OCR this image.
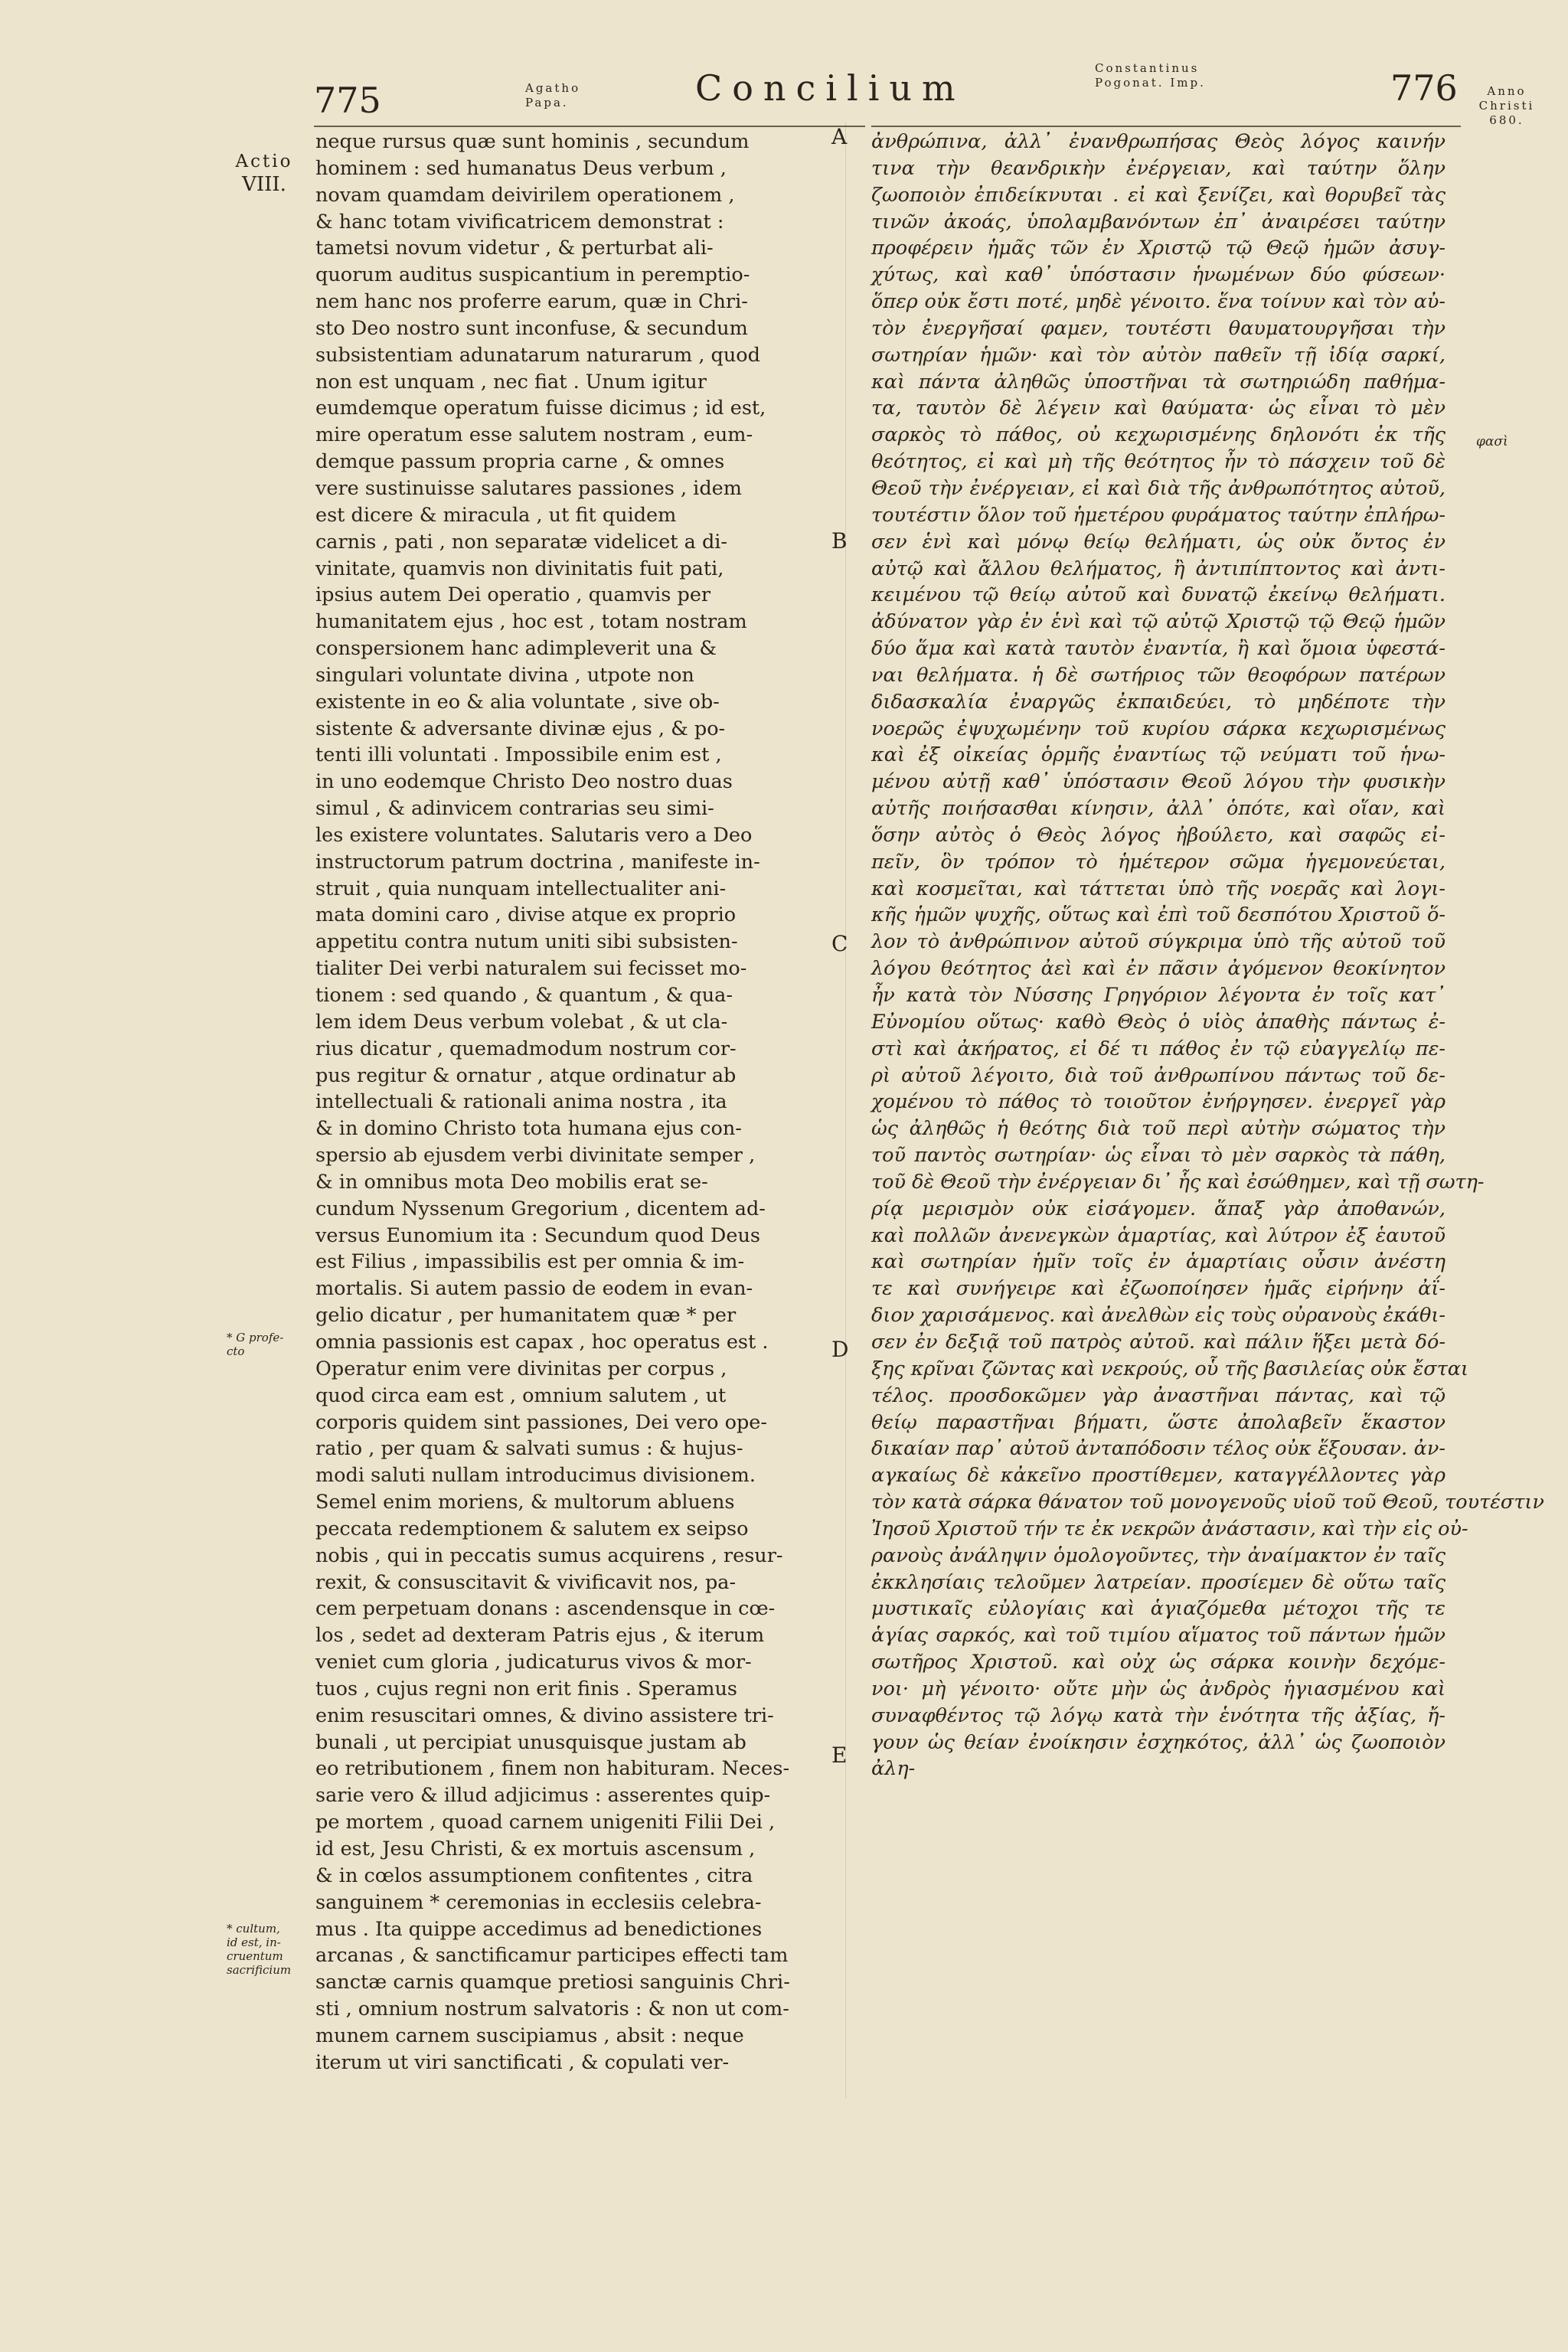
775	Agatho
Papa.	Concilium	Constantinus
Pogonat. Imp.	776	Anno
Christi
680.
φασὶ
Actio
VIII.
* G profe-
cto
* cultum,
id est, in-
cruentum
sacrificium
A
B
C
D
E
neque rursus quæ sunt hominis , secundum
hominem : sed humanatus Deus verbum ,
novam quamdam deivirilem operationem ,
& hanc totam vivificatricem demonstrat :
tametsi novum videtur , & perturbat ali-
quorum auditus suspicantium in peremptio-
nem hanc nos proferre earum, quæ in Chri-
sto Deo nostro sunt inconfuse, & secundum
subsistentiam adunatarum naturarum , quod
non est unquam , nec fiat . Unum igitur
eumdemque operatum fuisse dicimus ; id est,
mire operatum esse salutem nostram , eum-
demque passum propria carne , & omnes
vere sustinuisse salutares passiones , idem
est dicere & miracula , ut fit quidem
carnis , pati , non separatæ videlicet a di-
vinitate, quamvis non divinitatis fuit pati,
ipsius autem Dei operatio , quamvis per
humanitatem ejus , hoc est , totam nostram
conspersionem hanc adimpleverit una &
singulari voluntate divina , utpote non
existente in eo & alia voluntate , sive ob-
sistente & adversante divinæ ejus , & po-
tenti illi voluntati . Impossibile enim est ,
in uno eodemque Christo Deo nostro duas
simul , & adinvicem contrarias seu simi-
les existere voluntates. Salutaris vero a Deo
instructorum patrum doctrina , manifeste in-
struit , quia nunquam intellectualiter ani-
mata domini caro , divise atque ex proprio
appetitu contra nutum uniti sibi subsisten-
tialiter Dei verbi naturalem sui fecisset mo-
tionem : sed quando , & quantum , & qua-
lem idem Deus verbum volebat , & ut cla-
rius dicatur , quemadmodum nostrum cor-
pus regitur & ornatur , atque ordinatur ab
intellectuali & rationali anima nostra , ita
& in domino Christo tota humana ejus con-
spersio ab ejusdem verbi divinitate semper ,
& in omnibus mota Deo mobilis erat se-
cundum Nyssenum Gregorium , dicentem ad-
versus Eunomium ita : Secundum quod Deus
est Filius , impassibilis est per omnia & im-
mortalis. Si autem passio de eodem in evan-
gelio dicatur , per humanitatem quæ * per
omnia passionis est capax , hoc operatus est .
Operatur enim vere divinitas per corpus ,
quod circa eam est , omnium salutem , ut
corporis quidem sint passiones, Dei vero ope-
ratio , per quam & salvati sumus : & hujus-
modi saluti nullam introducimus divisionem.
Semel enim moriens, & multorum abluens
peccata redemptionem & salutem ex seipso
nobis , qui in peccatis sumus acquirens , resur-
rexit, & consuscitavit & vivificavit nos, pa-
cem perpetuam donans : ascendensque in cœ-
los , sedet ad dexteram Patris ejus , & iterum
veniet cum gloria , judicaturus vivos & mor-
tuos , cujus regni non erit finis . Speramus
enim resuscitari omnes, & divino assistere tri-
bunali , ut percipiat unusquisque justam ab
eo retributionem , finem non habituram. Neces-
sarie vero & illud adjicimus : asserentes quip-
pe mortem , quoad carnem unigeniti Filii Dei ,
id est, Jesu Christi, & ex mortuis ascensum ,
& in cœlos assumptionem confitentes , citra
sanguinem * ceremonias in ecclesiis celebra-
mus . Ita quippe accedimus ad benedictiones
arcanas , & sanctificamur participes effecti tam
sanctæ carnis quamque pretiosi sanguinis Chri-
sti , omnium nostrum salvatoris : & non ut com-
munem carnem suscipiamus , absit : neque
iterum ut viri sanctificati , & copulati ver-
ἀνθρώπινα, ἀλλ᾽ ἐνανθρωπήσας Θεὸς λόγος καινήν
τινα τὴν θεανδρικὴν ἐνέργειαν, καὶ ταύτην ὅλην
ζωοποιὸν ἐπιδείκνυται . εἰ καὶ ξενίζει, καὶ θορυβεῖ τὰς
τινῶν ἀκοάς, ὑπολαμβανόντων ἐπ᾽ ἀναιρέσει ταύτην
προφέρειν ἡμᾶς τῶν ἐν Χριστῷ τῷ Θεῷ ἡμῶν ἀσυγ-
χύτως, καὶ καθ᾽ ὑπόστασιν ἡνωμένων δύο φύσεων·
ὅπερ οὐκ ἔστι ποτέ, μηδὲ γένοιτο. ἕνα τοίνυν καὶ τὸν αὐ-
τὸν ἐνεργῆσαί φαμεν, τουτέστι θαυματουργῆσαι τὴν
σωτηρίαν ἡμῶν· καὶ τὸν αὐτὸν παθεῖν τῇ ἰδίᾳ σαρκί,
καὶ πάντα ἀληθῶς ὑποστῆναι τὰ σωτηριώδη παθήμα-
τα, ταυτὸν δὲ λέγειν καὶ θαύματα· ὡς εἶναι τὸ μὲν
σαρκὸς τὸ πάθος, οὐ κεχωρισμένης δηλονότι ἐκ τῆς
θεότητος, εἰ καὶ μὴ τῆς θεότητος ἦν τὸ πάσχειν τοῦ δὲ
Θεοῦ τὴν ἐνέργειαν, εἰ καὶ διὰ τῆς ἀνθρωπότητος αὐτοῦ,
τουτέστιν ὅλον τοῦ ἡμετέρου φυράματος ταύτην ἐπλήρω-
σεν ἑνὶ καὶ μόνῳ θείῳ θελήματι, ὡς οὐκ ὄντος ἐν
αὐτῷ καὶ ἄλλου θελήματος, ἢ ἀντιπίπτοντος καὶ ἀντι-
κειμένου τῷ θείῳ αὐτοῦ καὶ δυνατῷ ἐκείνῳ θελήματι.
ἀδύνατον γὰρ ἐν ἑνὶ καὶ τῷ αὐτῷ Χριστῷ τῷ Θεῷ ἡμῶν
δύο ἅμα καὶ κατὰ ταυτὸν ἐναντία, ἢ καὶ ὅμοια ὑφεστά-
ναι θελήματα. ἡ δὲ σωτήριος τῶν θεοφόρων πατέρων
διδασκαλία ἐναργῶς ἐκπαιδεύει, τὸ μηδέποτε τὴν
νοερῶς ἐψυχωμένην τοῦ κυρίου σάρκα κεχωρισμένως
καὶ ἐξ οἰκείας ὁρμῆς ἐναντίως τῷ νεύματι τοῦ ἡνω-
μένου αὐτῇ καθ᾽ ὑπόστασιν Θεοῦ λόγου τὴν φυσικὴν
αὐτῆς ποιήσασθαι κίνησιν, ἀλλ᾽ ὁπότε, καὶ οἵαν, καὶ
ὅσην αὐτὸς ὁ Θεὸς λόγος ἠβούλετο, καὶ σαφῶς εἰ-
πεῖν, ὃν τρόπον τὸ ἡμέτερον σῶμα ἡγεμονεύεται,
καὶ κοσμεῖται, καὶ τάττεται ὑπὸ τῆς νοερᾶς καὶ λογι-
κῆς ἡμῶν ψυχῆς, οὕτως καὶ ἐπὶ τοῦ δεσπότου Χριστοῦ ὅ-
λον τὸ ἀνθρώπινον αὐτοῦ σύγκριμα ὑπὸ τῆς αὐτοῦ τοῦ
λόγου θεότητος ἀεὶ καὶ ἐν πᾶσιν ἀγόμενον θεοκίνητον
ἦν κατὰ τὸν Νύσσης Γρηγόριον λέγοντα ἐν τοῖς κατ᾽
Εὐνομίου οὕτως· καθὸ Θεὸς ὁ υἱὸς ἀπαθὴς πάντως ἐ-
στὶ καὶ ἀκήρατος, εἰ δέ τι πάθος ἐν τῷ εὐαγγελίῳ πε-
ρὶ αὐτοῦ λέγοιτο, διὰ τοῦ ἀνθρωπίνου πάντως τοῦ δε-
χομένου τὸ πάθος τὸ τοιοῦτον ἐνήργησεν. ἐνεργεῖ γὰρ
ὡς ἀληθῶς ἡ θεότης διὰ τοῦ περὶ αὐτὴν σώματος τὴν
τοῦ παντὸς σωτηρίαν· ὡς εἶναι τὸ μὲν σαρκὸς τὰ πάθη,
τοῦ δὲ Θεοῦ τὴν ἐνέργειαν δι᾽ ἧς καὶ ἐσώθημεν, καὶ τῇ σωτη-
ρίᾳ μερισμὸν οὐκ εἰσάγομεν. ἅπαξ γὰρ ἀποθανών,
καὶ πολλῶν ἀνενεγκὼν ἁμαρτίας, καὶ λύτρον ἐξ ἑαυτοῦ
καὶ σωτηρίαν ἡμῖν τοῖς ἐν ἁμαρτίαις οὖσιν ἀνέστη
τε καὶ συνήγειρε καὶ ἐζωοποίησεν ἡμᾶς εἰρήνην ἀΐ-
διον χαρισάμενος. καὶ ἀνελθὼν εἰς τοὺς οὐρανοὺς ἐκάθι-
σεν ἐν δεξιᾷ τοῦ πατρὸς αὐτοῦ. καὶ πάλιν ἥξει μετὰ δό-
ξης κρῖναι ζῶντας καὶ νεκρούς, οὗ τῆς βασιλείας οὐκ ἔσται
τέλος. προσδοκῶμεν γὰρ ἀναστῆναι πάντας, καὶ τῷ
θείῳ παραστῆναι βήματι, ὥστε ἀπολαβεῖν ἕκαστον
δικαίαν παρ᾽ αὐτοῦ ἀνταπόδοσιν τέλος οὐκ ἕξουσαν. ἀν-
αγκαίως δὲ κἀκεῖνο προστίθεμεν, καταγγέλλοντες γὰρ
τὸν κατὰ σάρκα θάνατον τοῦ μονογενοῦς υἱοῦ τοῦ Θεοῦ, τουτέστιν
Ἰησοῦ Χριστοῦ τήν τε ἐκ νεκρῶν ἀνάστασιν, καὶ τὴν εἰς οὐ-
ρανοὺς ἀνάληψιν ὁμολογοῦντες, τὴν ἀναίμακτον ἐν ταῖς
ἐκκλησίαις τελοῦμεν λατρείαν. προσίεμεν δὲ οὕτω ταῖς
μυστικαῖς εὐλογίαις καὶ ἁγιαζόμεθα μέτοχοι τῆς τε
ἁγίας σαρκός, καὶ τοῦ τιμίου αἵματος τοῦ πάντων ἡμῶν
σωτῆρος Χριστοῦ. καὶ οὐχ ὡς σάρκα κοινὴν δεχόμε-
νοι· μὴ γένοιτο· οὔτε μὴν ὡς ἀνδρὸς ἡγιασμένου καὶ
συναφθέντος τῷ λόγῳ κατὰ τὴν ἑνότητα τῆς ἀξίας, ἤ-
γουν ὡς θείαν ἐνοίκησιν ἐσχηκότος, ἀλλ᾽ ὡς ζωοποιὸν
ἀλη-
